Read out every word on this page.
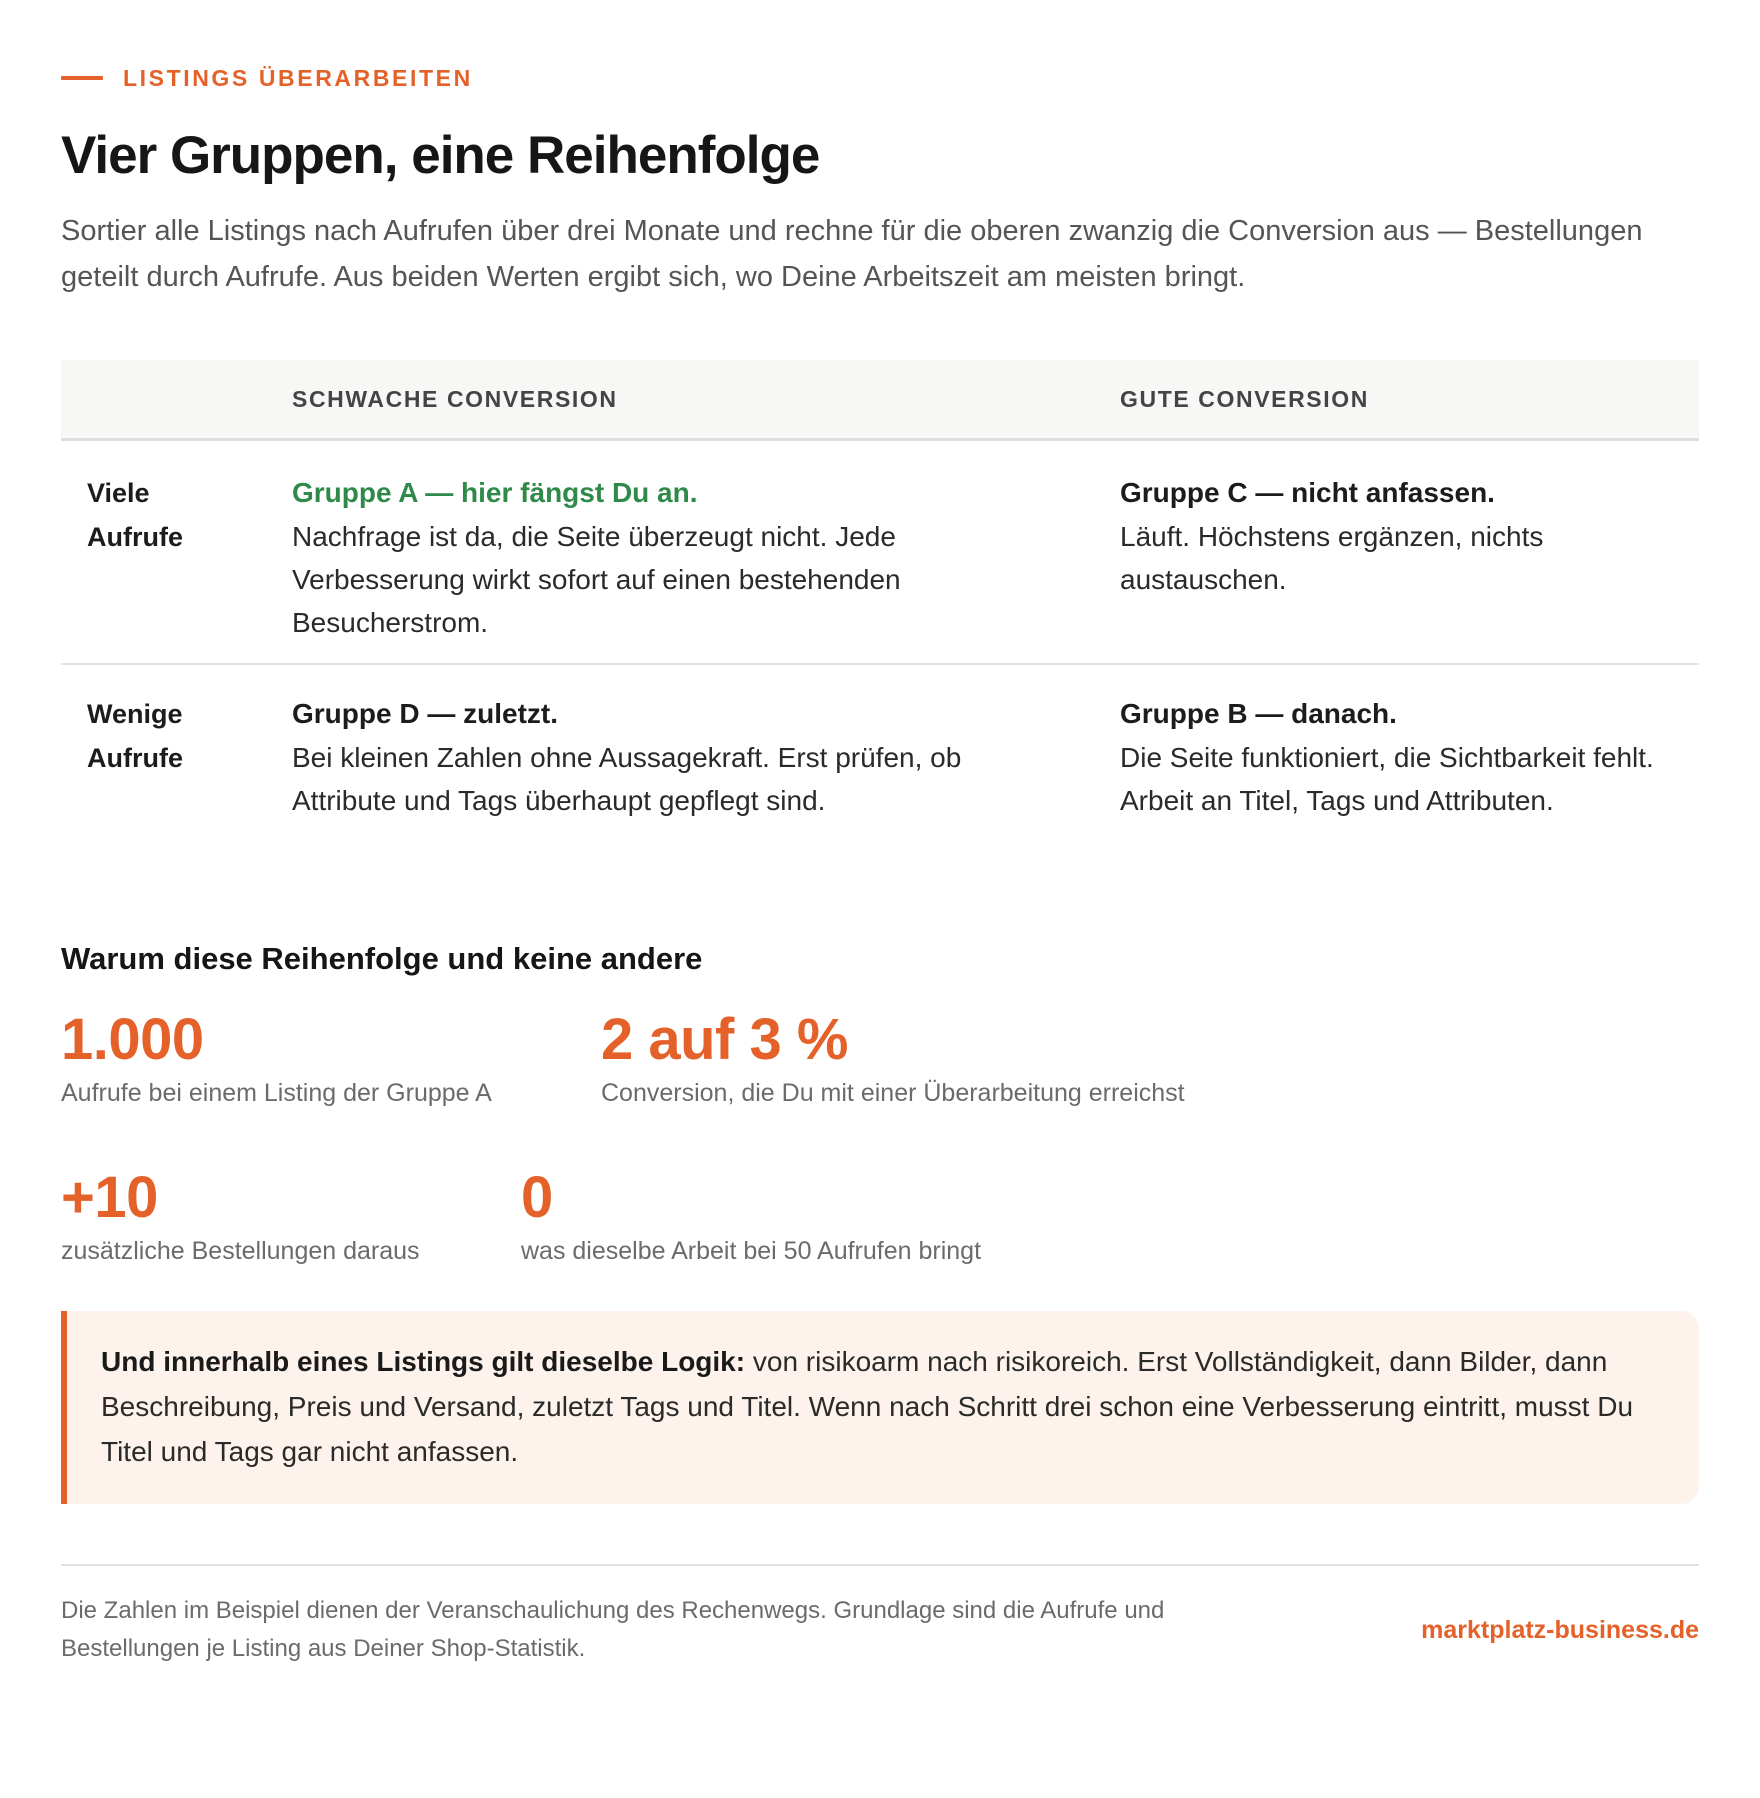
LISTINGS ÜBERARBEITEN
Vier Gruppen, eine Reihenfolge

Sortier alle Listings nach Aufrufen über drei Monate und rechne für die oberen zwanzig die Conversion aus — Bestellungen geteilt durch Aufrufe. Aus beiden Werten ergibt sich, wo Deine Arbeitszeit am meisten bringt.

SCHWACHE CONVERSION	GUTE CONVERSION
Viele
Aufrufe
Gruppe A — hier fängst Du an.
Nachfrage ist da, die Seite überzeugt nicht. Jede Verbesserung wirkt sofort auf einen bestehenden Besucherstrom.
Gruppe C — nicht anfassen.
Läuft. Höchstens ergänzen, nichts austauschen.
Wenige
Aufrufe
Gruppe D — zuletzt.
Bei kleinen Zahlen ohne Aussagekraft. Erst prüfen, ob Attribute und Tags überhaupt gepflegt sind.
Gruppe B — danach.
Die Seite funktioniert, die Sichtbarkeit fehlt. Arbeit an Titel, Tags und Attributen.
Warum diese Reihenfolge und keine andere
1.000
Aufrufe bei einem Listing der Gruppe A
2 auf 3 %
Conversion, die Du mit einer Überarbeitung erreichst
+10
zusätzliche Bestellungen daraus
0
was dieselbe Arbeit bei 50 Aufrufen bringt
Und innerhalb eines Listings gilt dieselbe Logik: von risikoarm nach risikoreich. Erst Vollständigkeit, dann Bilder, dann Beschreibung, Preis und Versand, zuletzt Tags und Titel. Wenn nach Schritt drei schon eine Verbesserung eintritt, musst Du Titel und Tags gar nicht anfassen.
Die Zahlen im Beispiel dienen der Veranschaulichung des Rechenwegs. Grundlage sind die Aufrufe und Bestellungen je Listing aus Deiner Shop-Statistik.
marktplatz-business.de
